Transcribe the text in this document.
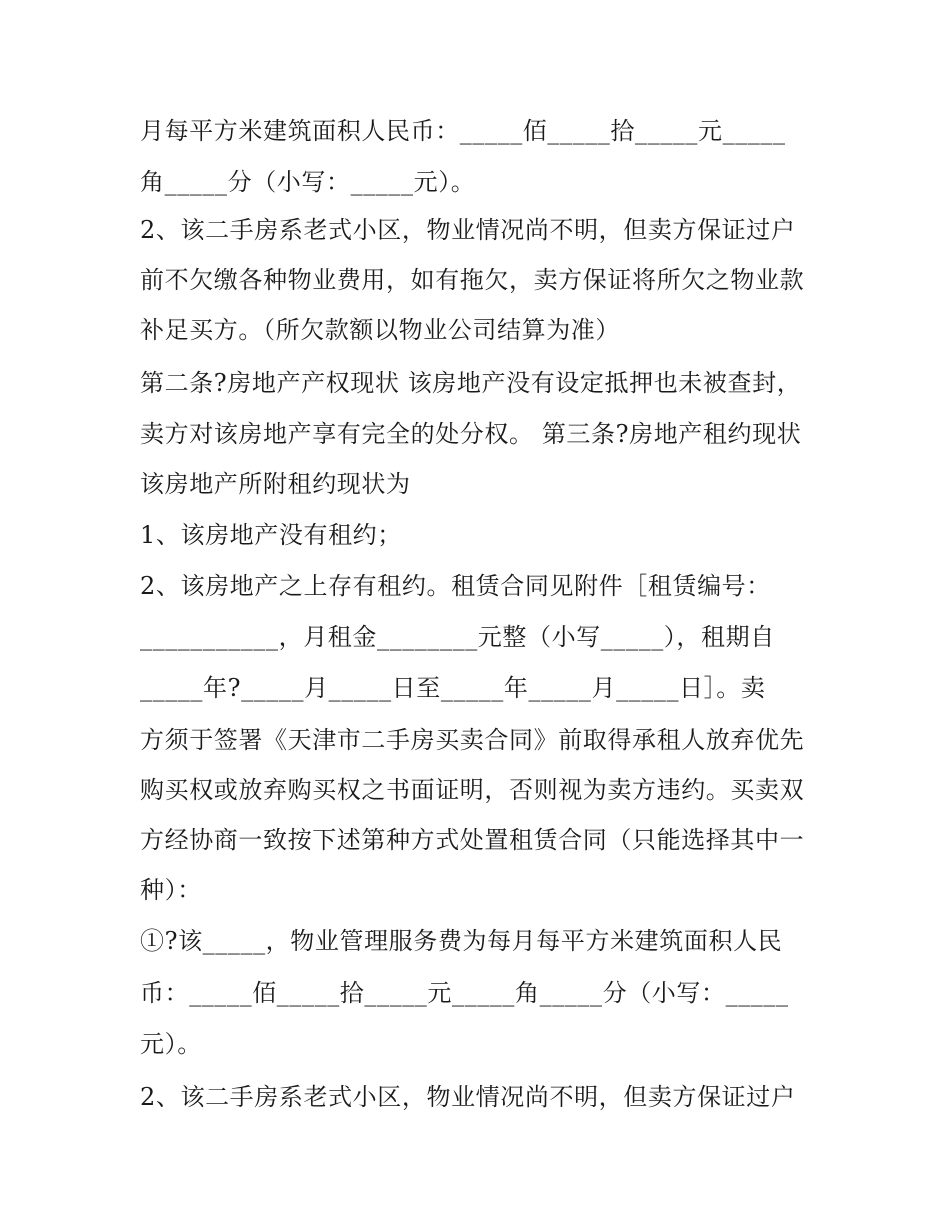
月每平方米建筑面积人民币：_____佰_____拾_____元_____
角_____分（小写：_____元）。
2、该二手房系老式小区，物业情况尚不明，但卖方保证过户
前不欠缴各种物业费用，如有拖欠，卖方保证将所欠之物业款
补足买方。（所欠款额以物业公司结算为准）
第二条?房地产产权现状 该房地产没有设定抵押也未被查封，
卖方对该房地产享有完全的处分权。 第三条?房地产租约现状
该房地产所附租约现状为
1、该房地产没有租约；
2、该房地产之上存有租约。租赁合同见附件［租赁编号：
___________，月租金________元整（小写_____），租期自
_____年?_____月_____日至_____年_____月_____日］。卖
方须于签署《天津市二手房买卖合同》前取得承租人放弃优先
购买权或放弃购买权之书面证明，否则视为卖方违约。买卖双
方经协商一致按下述第种方式处置租赁合同（只能选择其中一
种）：
①?该_____，物业管理服务费为每月每平方米建筑面积人民
币：_____佰_____拾_____元_____角_____分（小写：_____
元）。
2、该二手房系老式小区，物业情况尚不明，但卖方保证过户
